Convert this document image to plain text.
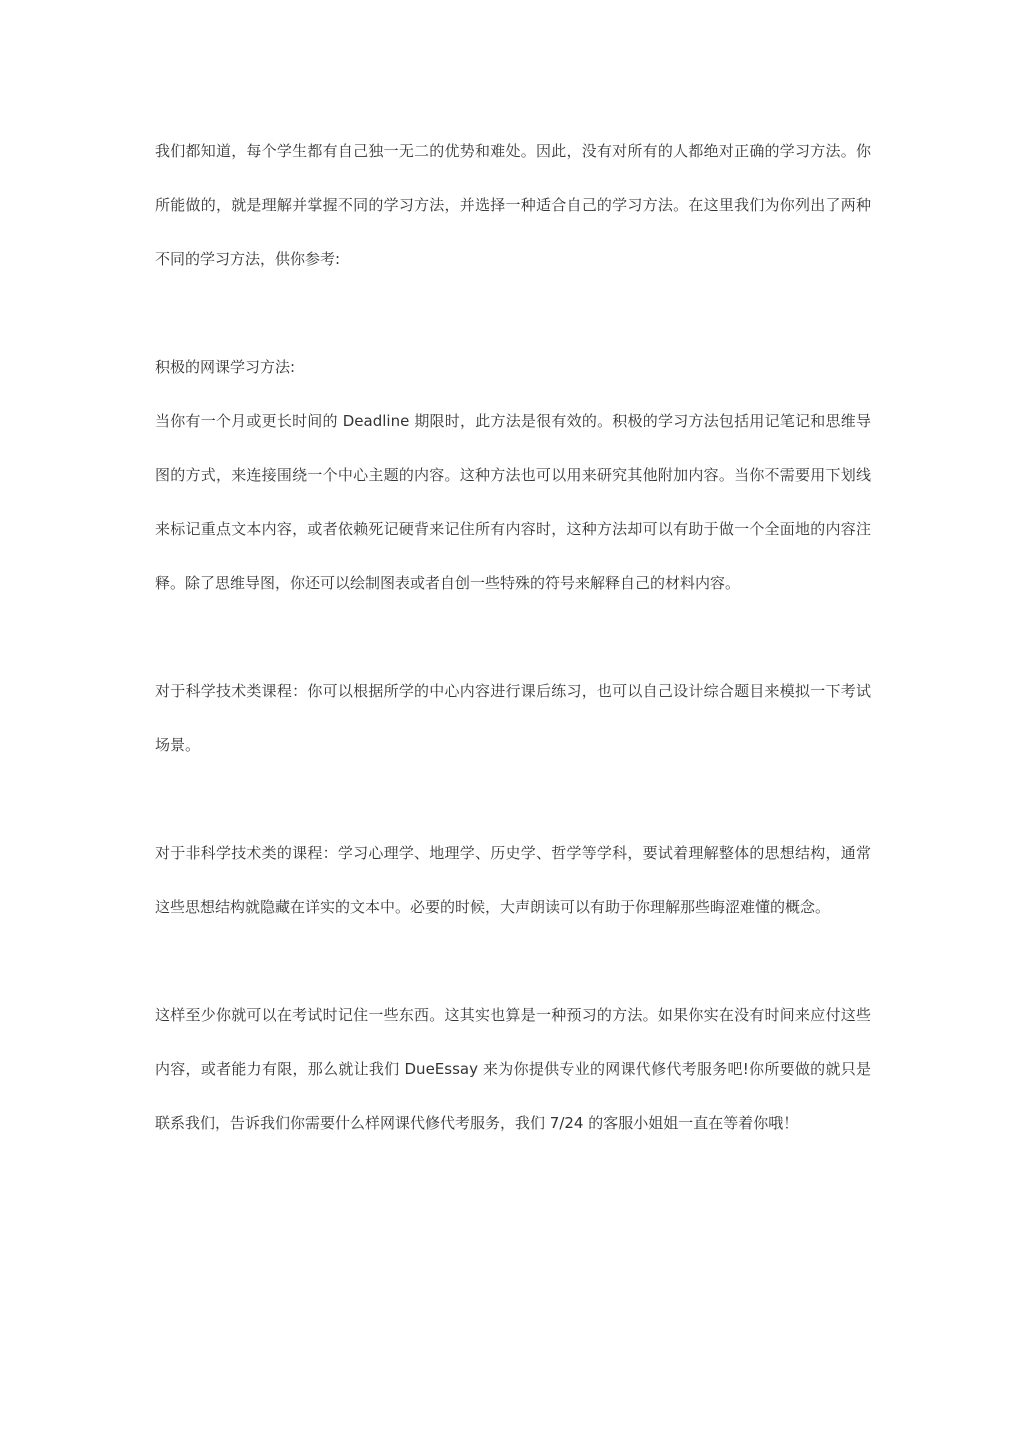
我们都知道，每个学生都有自己独一无二的优势和难处。因此，没有对所有的人都绝对正确的学习方法。你所能做的，就是理解并掌握不同的学习方法，并选择一种适合自己的学习方法。在这里我们为你列出了两种不同的学习方法，供你参考:

积极的网课学习方法:

当你有一个月或更长时间的 Deadline 期限时，此方法是很有效的。积极的学习方法包括用记笔记和思维导图的方式，来连接围绕一个中心主题的内容。这种方法也可以用来研究其他附加内容。当你不需要用下划线来标记重点文本内容，或者依赖死记硬背来记住所有内容时，这种方法却可以有助于做一个全面地的内容注释。除了思维导图，你还可以绘制图表或者自创一些特殊的符号来解释自己的材料内容。

对于科学技术类课程：你可以根据所学的中心内容进行课后练习，也可以自己设计综合题目来模拟一下考试场景。

对于非科学技术类的课程：学习心理学、地理学、历史学、哲学等学科，要试着理解整体的思想结构，通常这些思想结构就隐藏在详实的文本中。必要的时候，大声朗读可以有助于你理解那些晦涩难懂的概念。

这样至少你就可以在考试时记住一些东西。这其实也算是一种预习的方法。如果你实在没有时间来应付这些内容，或者能力有限，那么就让我们 DueEssay 来为你提供专业的网课代修代考服务吧!你所要做的就只是联系我们，告诉我们你需要什么样网课代修代考服务，我们 7/24 的客服小姐姐一直在等着你哦！
